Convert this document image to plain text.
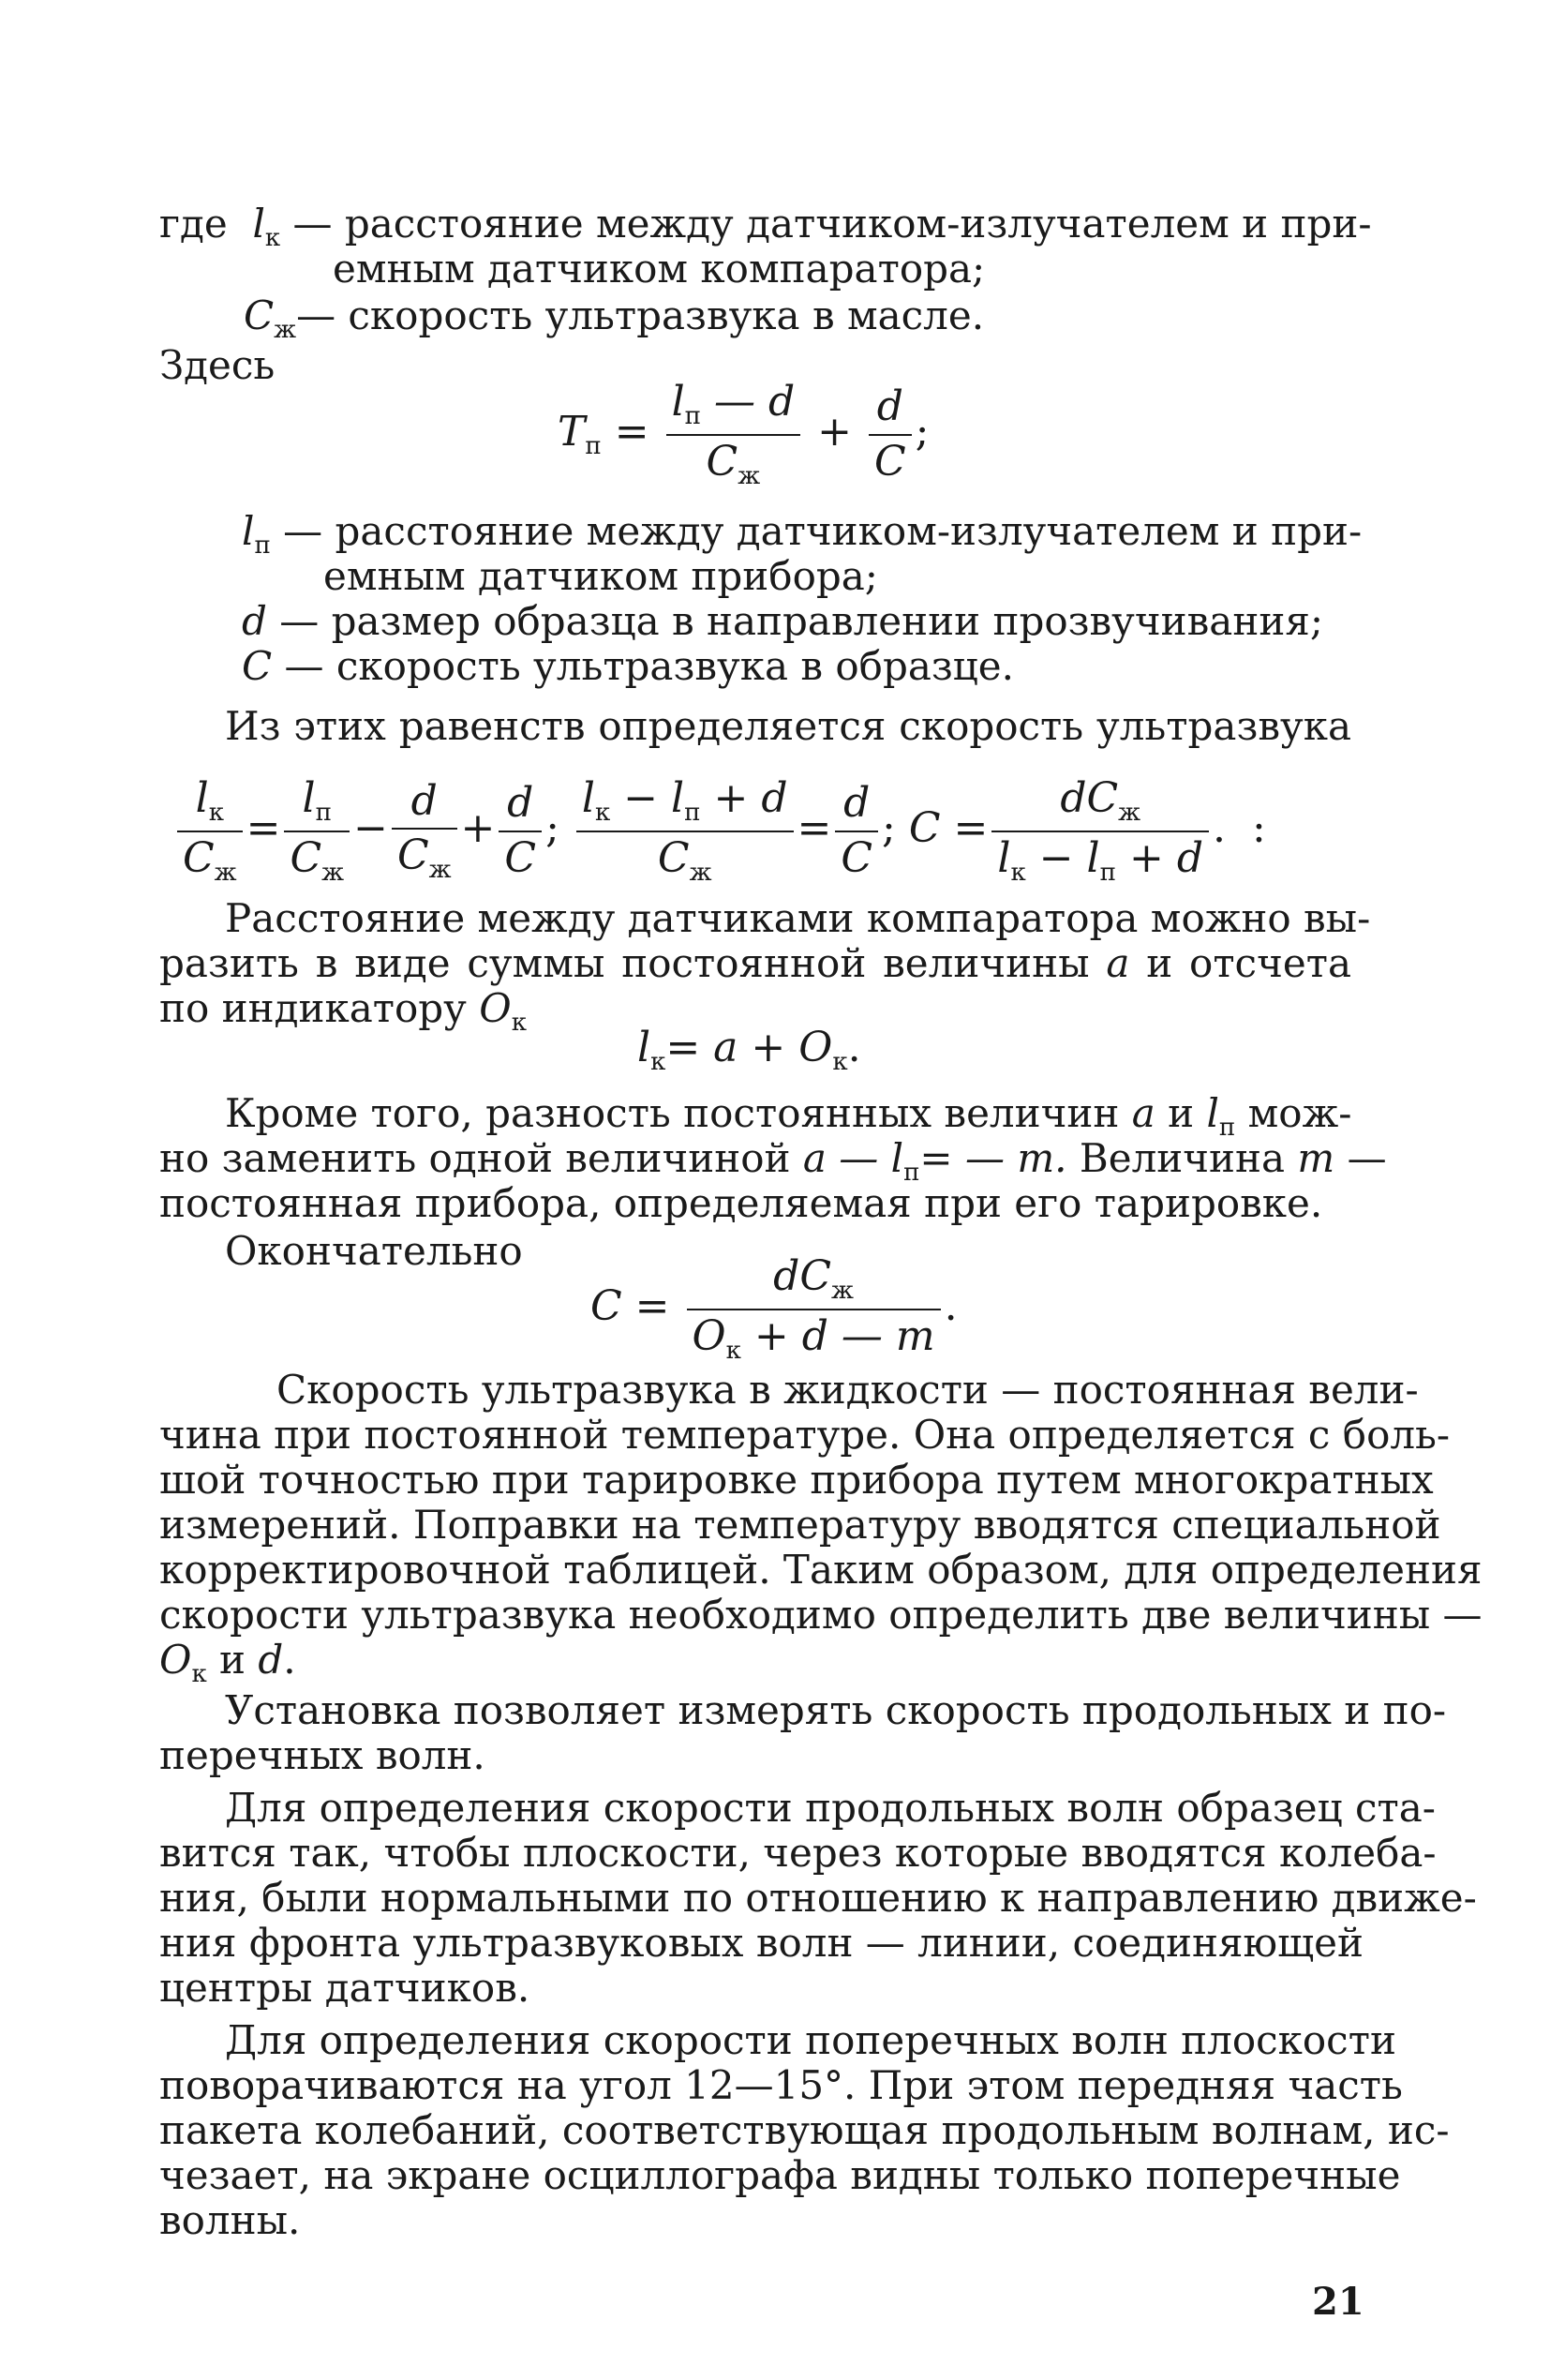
где $l_к$ — расстояние между датчиком-излучателем и при-
емным датчиком компаратора;
$С_ж—$ скорость ультразвука в масле.
Здесь
$T_п = \frac{l_п — d}{C_ж} + \frac{d}{C}$ ;
$l_п$ — расстояние между датчиком-излучателем и при-
емным датчиком прибора;
d — размер образца в направлении прозвучивания;
C — скорость ультразвука в образце.
Из этих равенств определяется скорость ультразвука
$\frac{l_к}{C_ж} = \frac{l_п}{C_ж} - \frac{d}{C_ж} + \frac{d}{C}$ ; $\frac{l_к - l_п + d}{C_ж} = \frac{d}{C}$ ; $C = \frac{dC_ж}{l_к - l_п + d}$ .  :
Расстояние между датчиками компаратора можно вы-
разить в виде суммы постоянной величины a и отсчета
по индикатору $O_к$
$l_к= a + O_к$.
Кроме того, разность постоянных величин a и $l_п$ мож-
но заменить одной величиной a — $l_п=$ — m. Величина m —
постоянная прибора, определяемая при его тарировке.
Окончательно
$C = \frac{dC_ж}{O_к + d — m}$ .
Скорость ультразвука в жидкости — постоянная вели-
чина при постоянной температуре. Она определяется с боль-
шой точностью при тарировке прибора путем многократных
измерений. Поправки на температуру вводятся специальной
корректировочной таблицей. Таким образом, для определения
скорости ультразвука необходимо определить две величины —
$O_к$ и d.
Установка позволяет измерять скорость продольных и по-
перечных волн.
Для определения скорости продольных волн образец ста-
вится так, чтобы плоскости, через которые вводятся колеба-
ния, были нормальными по отношению к направлению движе-
ния фронта ультразвуковых волн — линии, соединяющей
центры датчиков.
Для определения скорости поперечных волн плоскости
поворачиваются на угол 12—15°. При этом передняя часть
пакета колебаний, соответствующая продольным волнам, ис-
чезает, на экране осциллографа видны только поперечные
волны.
21
